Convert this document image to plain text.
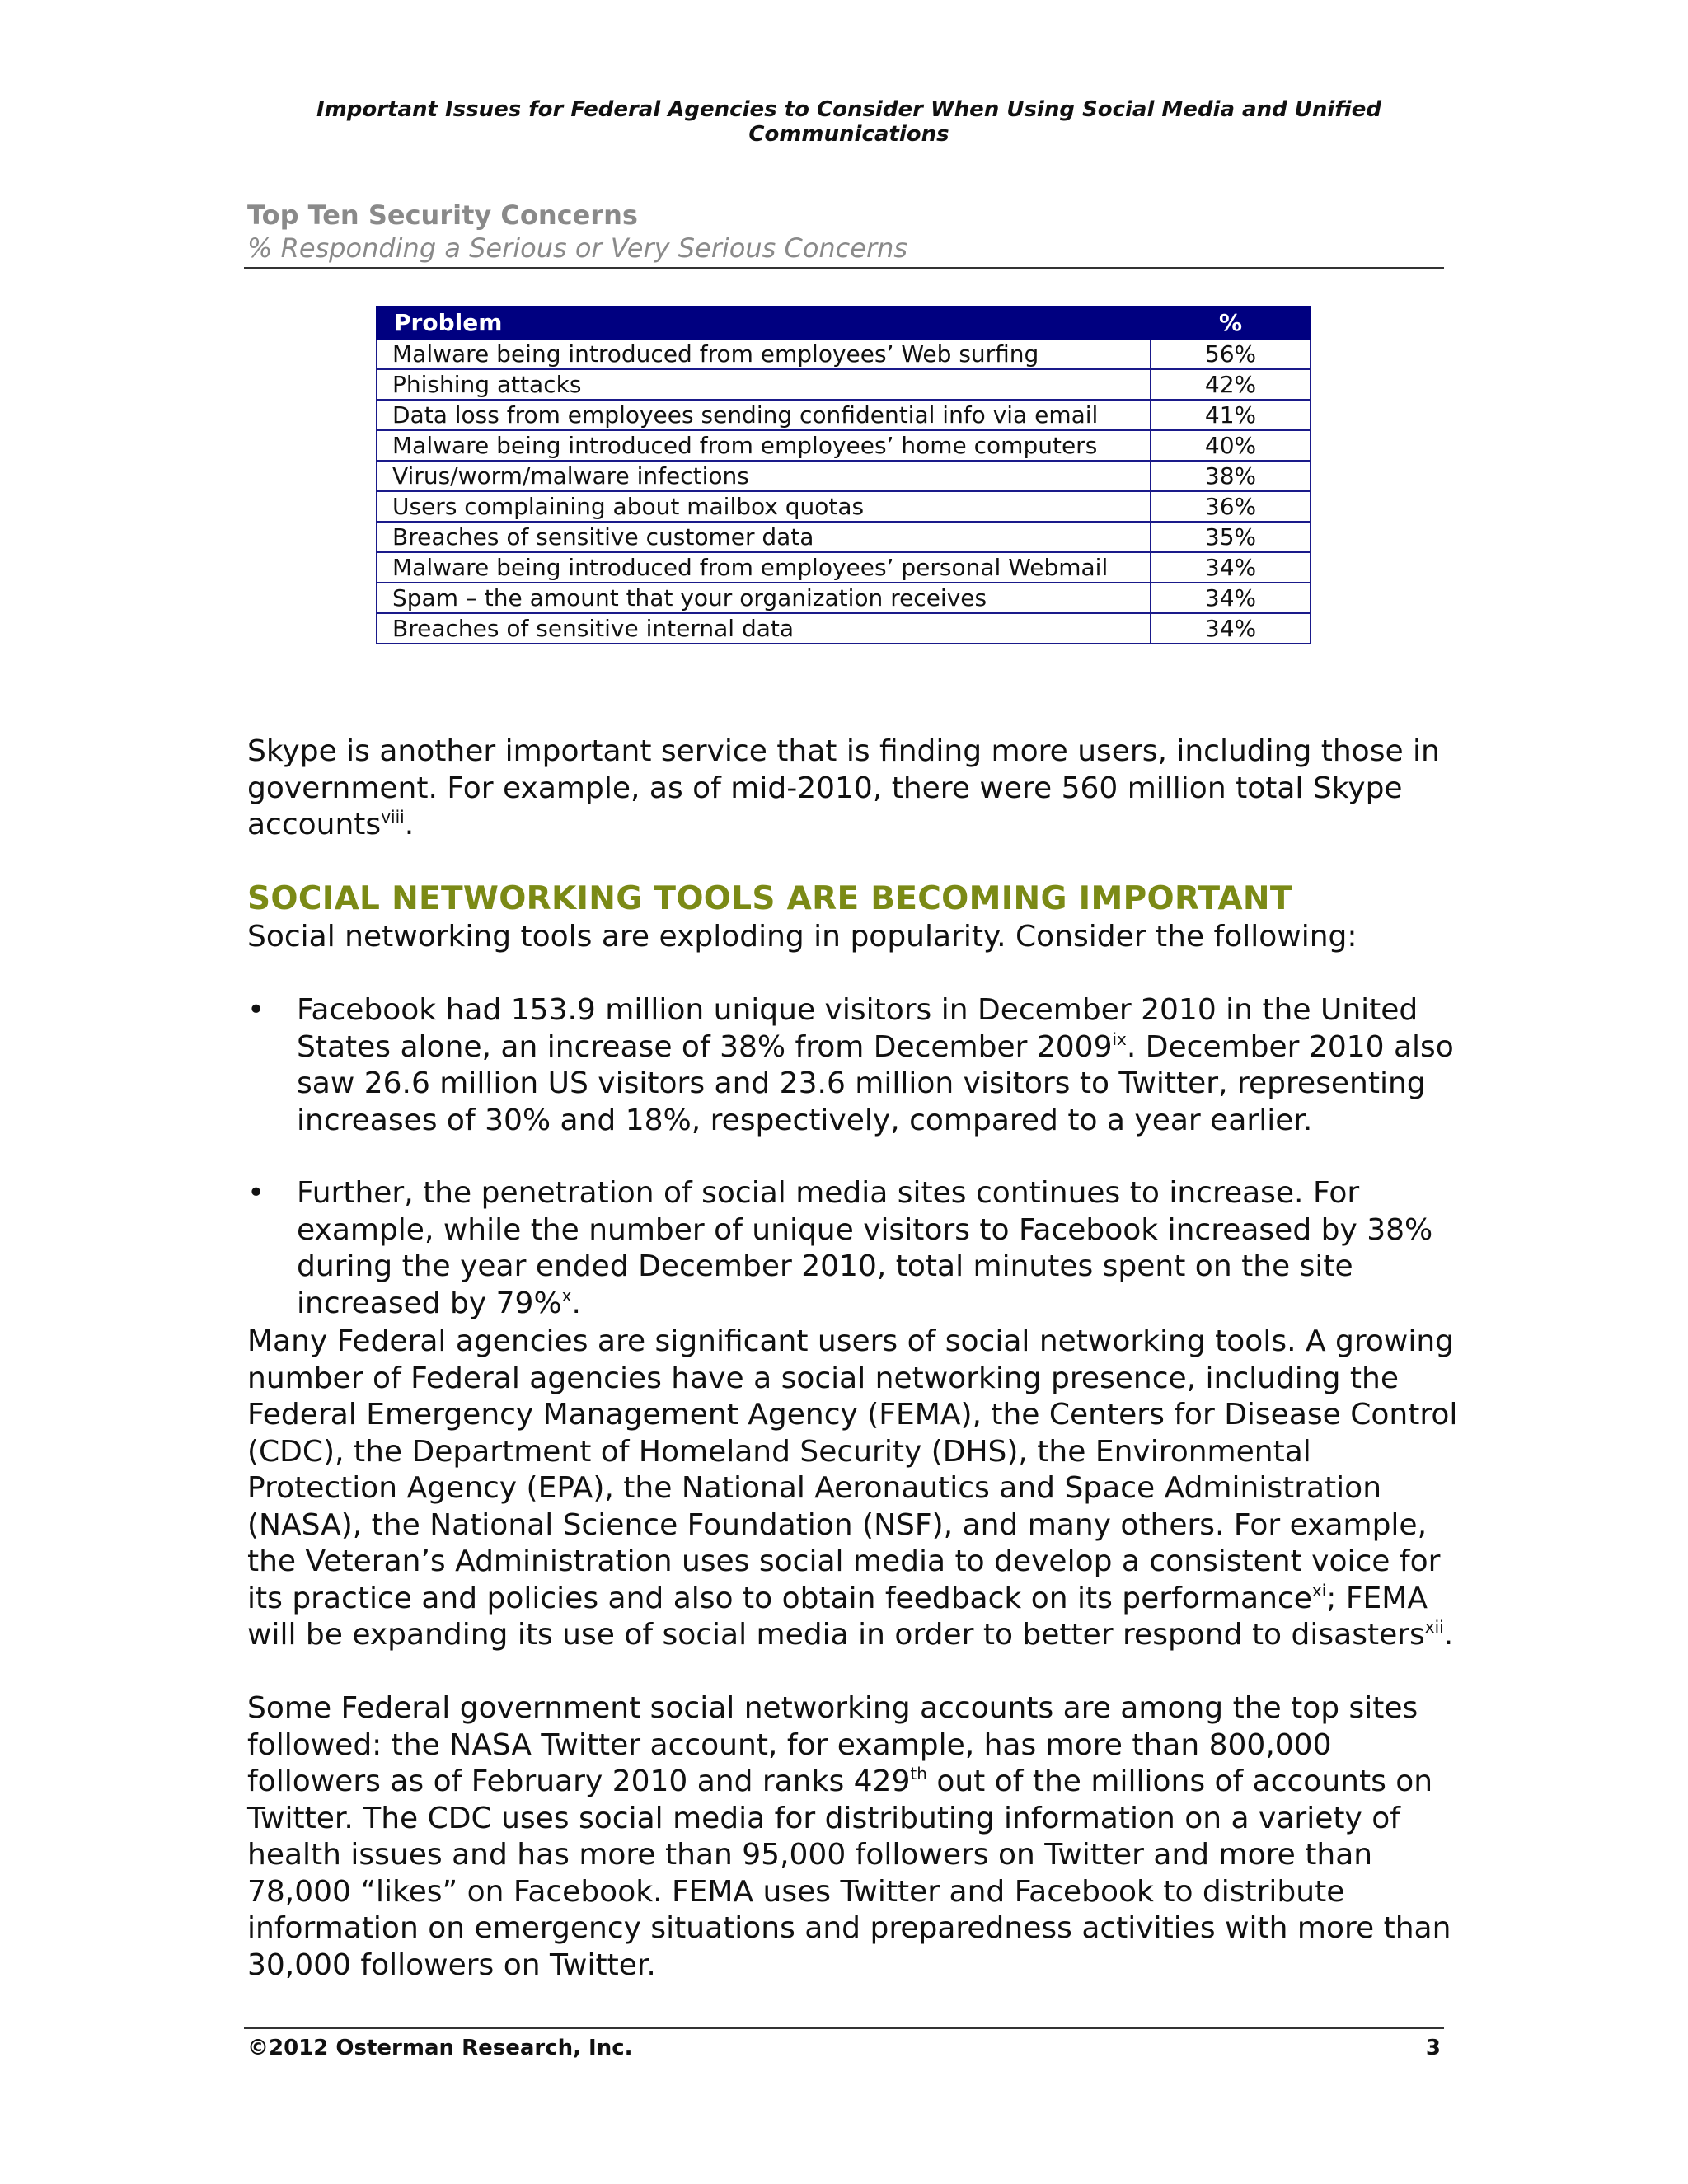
Important Issues for Federal Agencies to Consider When Using Social Media and Unified Communications
Top Ten Security Concerns
% Responding a Serious or Very Serious Concerns
Problem	%
Malware being introduced from employees’ Web surfing	56%
Phishing attacks	42%
Data loss from employees sending confidential info via email	41%
Malware being introduced from employees’ home computers	40%
Virus/worm/malware infections	38%
Users complaining about mailbox quotas	36%
Breaches of sensitive customer data	35%
Malware being introduced from employees’ personal Webmail	34%
Spam – the amount that your organization receives	34%
Breaches of sensitive internal data	34%

Skype is another important service that is finding more users, including those in government. For example, as of mid-2010, there were 560 million total Skype accounts$^{viii}$.

SOCIAL NETWORKING TOOLS ARE BECOMING IMPORTANT

Social networking tools are exploding in popularity. Consider the following:

• Facebook had 153.9 million unique visitors in December 2010 in the United States alone, an increase of 38% from December 2009$^{ix}$. December 2010 also saw 26.6 million US visitors and 23.6 million visitors to Twitter, representing increases of 30% and 18%, respectively, compared to a year earlier.
• Further, the penetration of social media sites continues to increase. For example, while the number of unique visitors to Facebook increased by 38% during the year ended December 2010, total minutes spent on the site increased by 79%$^x$.

Many Federal agencies are significant users of social networking tools. A growing number of Federal agencies have a social networking presence, including the Federal Emergency Management Agency (FEMA), the Centers for Disease Control (CDC), the Department of Homeland Security (DHS), the Environmental Protection Agency (EPA), the National Aeronautics and Space Administration (NASA), the National Science Foundation (NSF), and many others. For example, the Veteran’s Administration uses social media to develop a consistent voice for its practice and policies and also to obtain feedback on its performance$^{xi}$; FEMA will be expanding its use of social media in order to better respond to disasters$^{xii}$.

Some Federal government social networking accounts are among the top sites followed: the NASA Twitter account, for example, has more than 800,000 followers as of February 2010 and ranks 429th out of the millions of accounts on Twitter. The CDC uses social media for distributing information on a variety of health issues and has more than 95,000 followers on Twitter and more than 78,000 “likes” on Facebook. FEMA uses Twitter and Facebook to distribute information on emergency situations and preparedness activities with more than 30,000 followers on Twitter.

©2012 Osterman Research, Inc.	3
